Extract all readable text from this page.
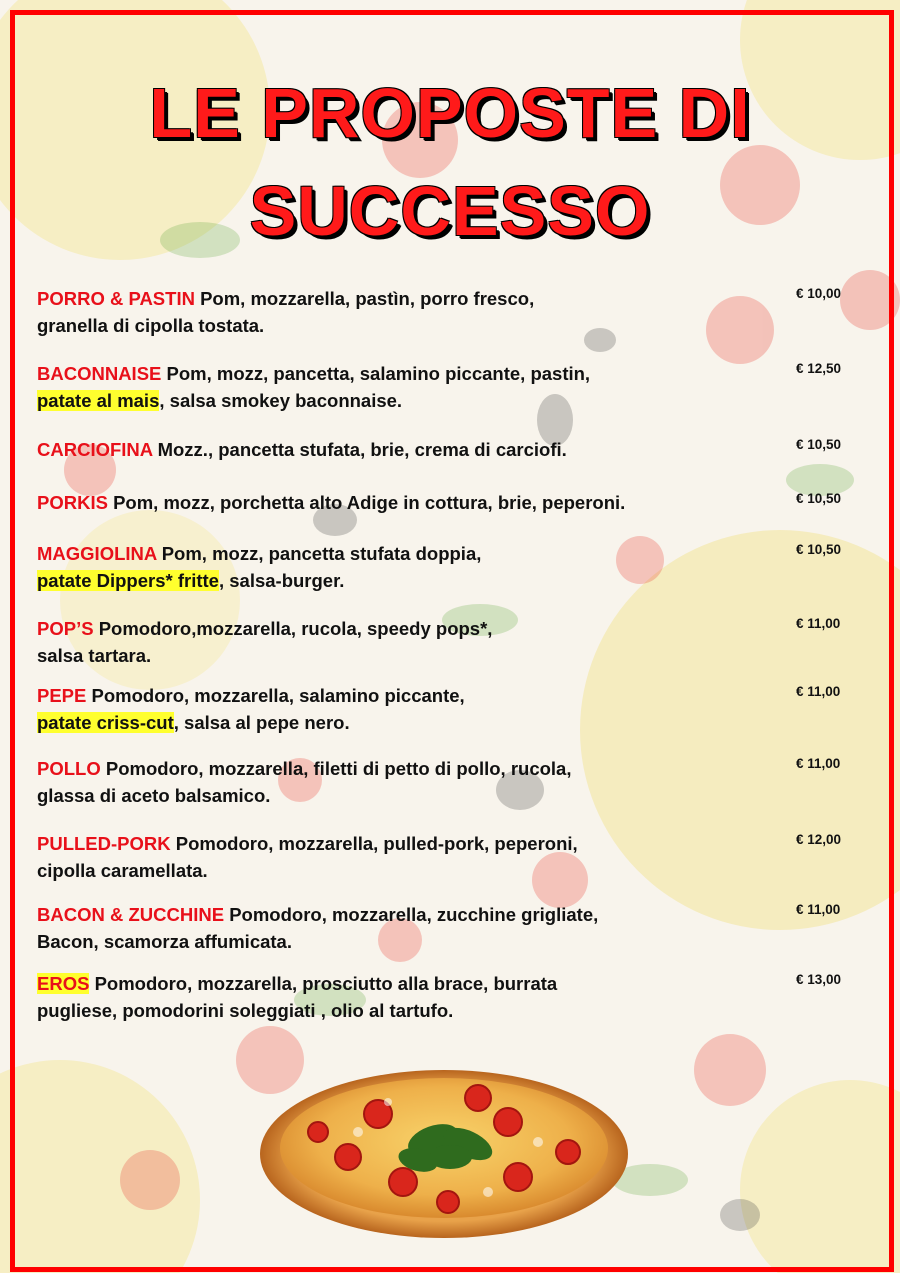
LE PROPOSTE DI
SUCCESSO
PORRO & PASTIN Pom, mozzarella, pastìn, porro fresco,
granella di cipolla tostata.
€ 10,00
BACONNAISE Pom, mozz, pancetta, salamino piccante, pastin,
patate al mais, salsa smokey baconnaise.
€ 12,50
CARCIOFINA Mozz., pancetta stufata, brie, crema di carciofi.	€ 10,50
PORKIS Pom, mozz, porchetta alto Adige in cottura, brie, peperoni.	€ 10,50
MAGGIOLINA Pom, mozz, pancetta stufata doppia,
patate Dippers* fritte, salsa-burger.
€ 10,50
POP’S Pomodoro,mozzarella, rucola, speedy pops*,
salsa tartara.
€ 11,00
PEPE Pomodoro, mozzarella, salamino piccante,
patate criss-cut, salsa al pepe nero.
€ 11,00
POLLO Pomodoro, mozzarella, filetti di petto di pollo, rucola,
glassa di aceto balsamico.
€ 11,00
PULLED-PORK Pomodoro, mozzarella, pulled-pork, peperoni,
cipolla caramellata.
€ 12,00
BACON & ZUCCHINE Pomodoro, mozzarella, zucchine grigliate,
Bacon, scamorza affumicata.
€ 11,00
EROS Pomodoro, mozzarella, prosciutto alla brace, burrata
pugliese, pomodorini soleggiati , olio al tartufo.
€ 13,00
